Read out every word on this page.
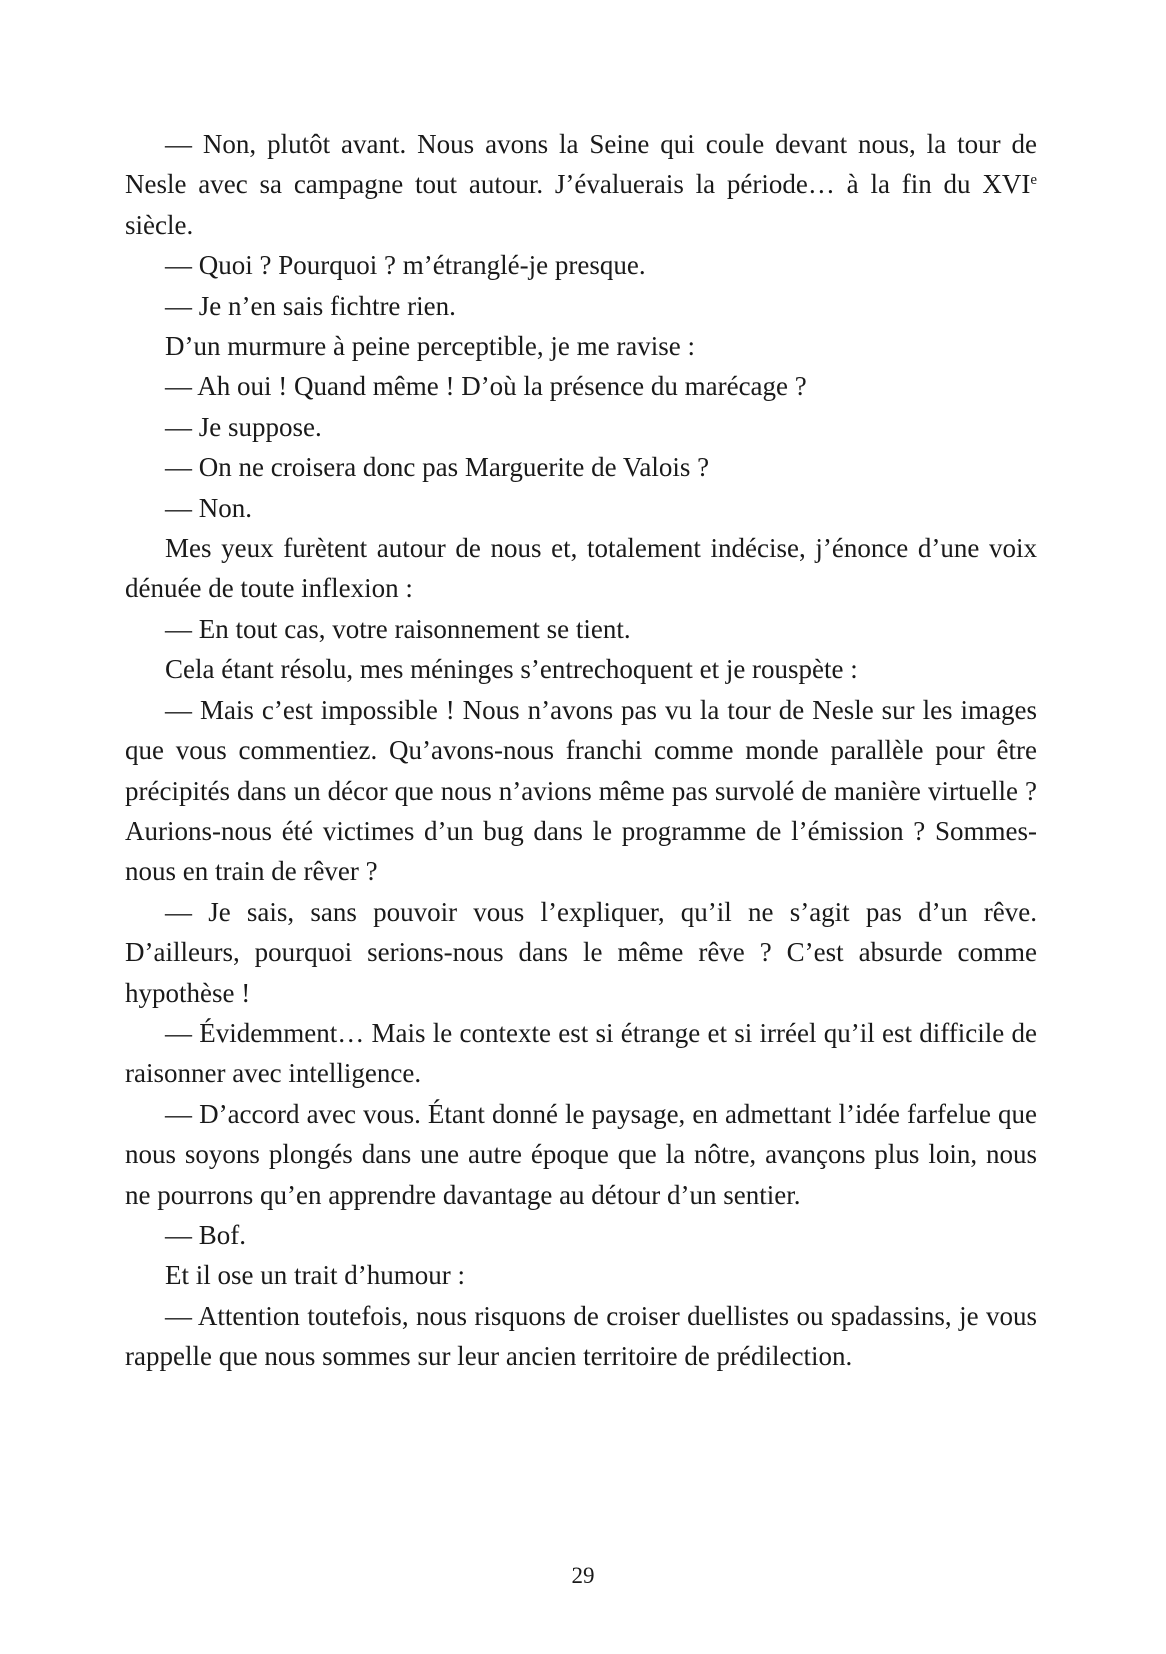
— Non, plutôt avant. Nous avons la Seine qui coule devant nous, la tour de Nesle avec sa campagne tout autour. J’évaluerais la période… à la fin du XVIe siècle.

— Quoi ? Pourquoi ? m’étranglé-je presque.

— Je n’en sais fichtre rien.

D’un murmure à peine perceptible, je me ravise :

— Ah oui ! Quand même ! D’où la présence du marécage ?

— Je suppose.

— On ne croisera donc pas Marguerite de Valois ?

— Non.

Mes yeux furètent autour de nous et, totalement indécise, j’énonce d’une voix dénuée de toute inflexion :

— En tout cas, votre raisonnement se tient.

Cela étant résolu, mes méninges s’entrechoquent et je rouspète :

— Mais c’est impossible ! Nous n’avons pas vu la tour de Nesle sur les images que vous commentiez. Qu’avons-nous franchi comme monde parallèle pour être précipités dans un décor que nous n’avions même pas survolé de manière virtuelle ? Aurions-nous été victimes d’un bug dans le programme de l’émission ? Sommes-nous en train de rêver ?

— Je sais, sans pouvoir vous l’expliquer, qu’il ne s’agit pas d’un rêve. D’ailleurs, pourquoi serions-nous dans le même rêve ? C’est absurde comme hypothèse !

— Évidemment… Mais le contexte est si étrange et si irréel qu’il est difficile de raisonner avec intelligence.

— D’accord avec vous. Étant donné le paysage, en admettant l’idée farfelue que nous soyons plongés dans une autre époque que la nôtre, avançons plus loin, nous ne pourrons qu’en apprendre davantage au détour d’un sentier.

— Bof.

Et il ose un trait d’humour :

— Attention toutefois, nous risquons de croiser duellistes ou spadassins, je vous rappelle que nous sommes sur leur ancien territoire de prédilection.

29
